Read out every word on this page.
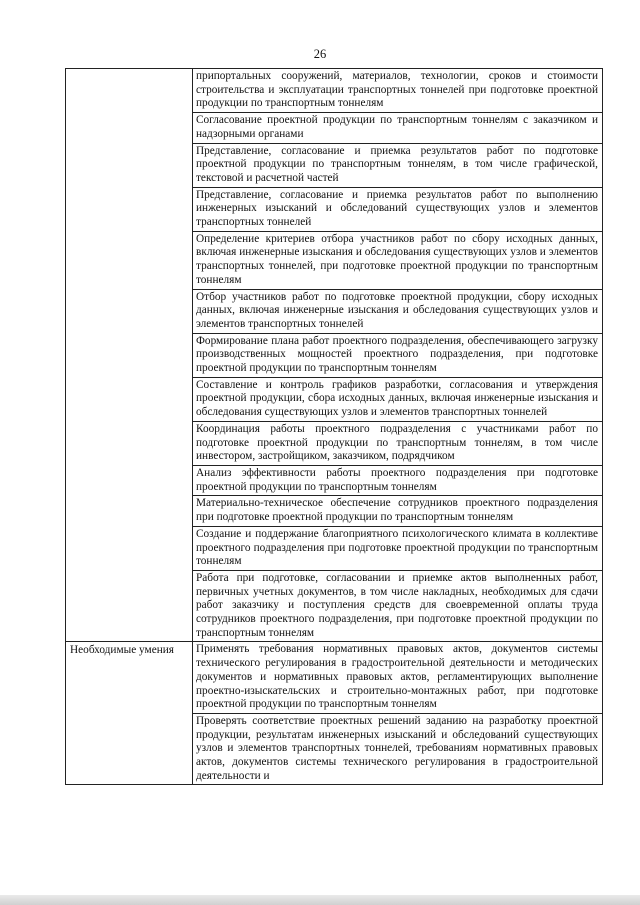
26
	припортальных сооружений, материалов, технологии, сроков и стоимости строительства и эксплуатации транспортных тоннелей при подготовке проектной продукции по транспортным тоннелям
	Согласование проектной продукции по транспортным тоннелям с заказчиком и надзорными органами
	Представление, согласование и приемка результатов работ по подготовке проектной продукции по транспортным тоннелям, в том числе графической, текстовой и расчетной частей
	Представление, согласование и приемка результатов работ по выполнению инженерных изысканий и обследований существующих узлов и элементов транспортных тоннелей
	Определение критериев отбора участников работ по сбору исходных данных, включая инженерные изыскания и обследования существующих узлов и элементов транспортных тоннелей, при подготовке проектной продукции по транспортным тоннелям
	Отбор участников работ по подготовке проектной продукции, сбору исходных данных, включая инженерные изыскания и обследования существующих узлов и элементов транспортных тоннелей
	Формирование плана работ проектного подразделения, обеспечивающего загрузку производственных мощностей проектного подразделения, при подготовке проектной продукции по транспортным тоннелям
	Составление и контроль графиков разработки, согласования и утверждения проектной продукции, сбора исходных данных, включая инженерные изыскания и обследования существующих узлов и элементов транспортных тоннелей
	Координация работы проектного подразделения с участниками работ по подготовке проектной продукции по транспортным тоннелям, в том числе инвестором, застройщиком, заказчиком, подрядчиком
	Анализ эффективности работы проектного подразделения при подготовке проектной продукции по транспортным тоннелям
	Материально-техническое обеспечение сотрудников проектного подразделения при подготовке проектной продукции по транспортным тоннелям
	Создание и поддержание благоприятного психологического климата в коллективе проектного подразделения при подготовке проектной продукции по транспортным тоннелям
	Работа при подготовке, согласовании и приемке актов выполненных работ, первичных учетных документов, в том числе накладных, необходимых для сдачи работ заказчику и поступления средств для своевременной оплаты труда сотрудников проектного подразделения, при подготовке проектной продукции по транспортным тоннелям
Необходимые умения	Применять требования нормативных правовых актов, документов системы технического регулирования в градостроительной деятельности и методических документов и нормативных правовых актов, регламентирующих выполнение проектно-изыскательских и строительно-монтажных работ, при подготовке проектной продукции по транспортным тоннелям
	Проверять соответствие проектных решений заданию на разработку проектной продукции, результатам инженерных изысканий и обследований существующих узлов и элементов транспортных тоннелей, требованиям нормативных правовых актов, документов системы технического регулирования в градостроительной деятельности и
